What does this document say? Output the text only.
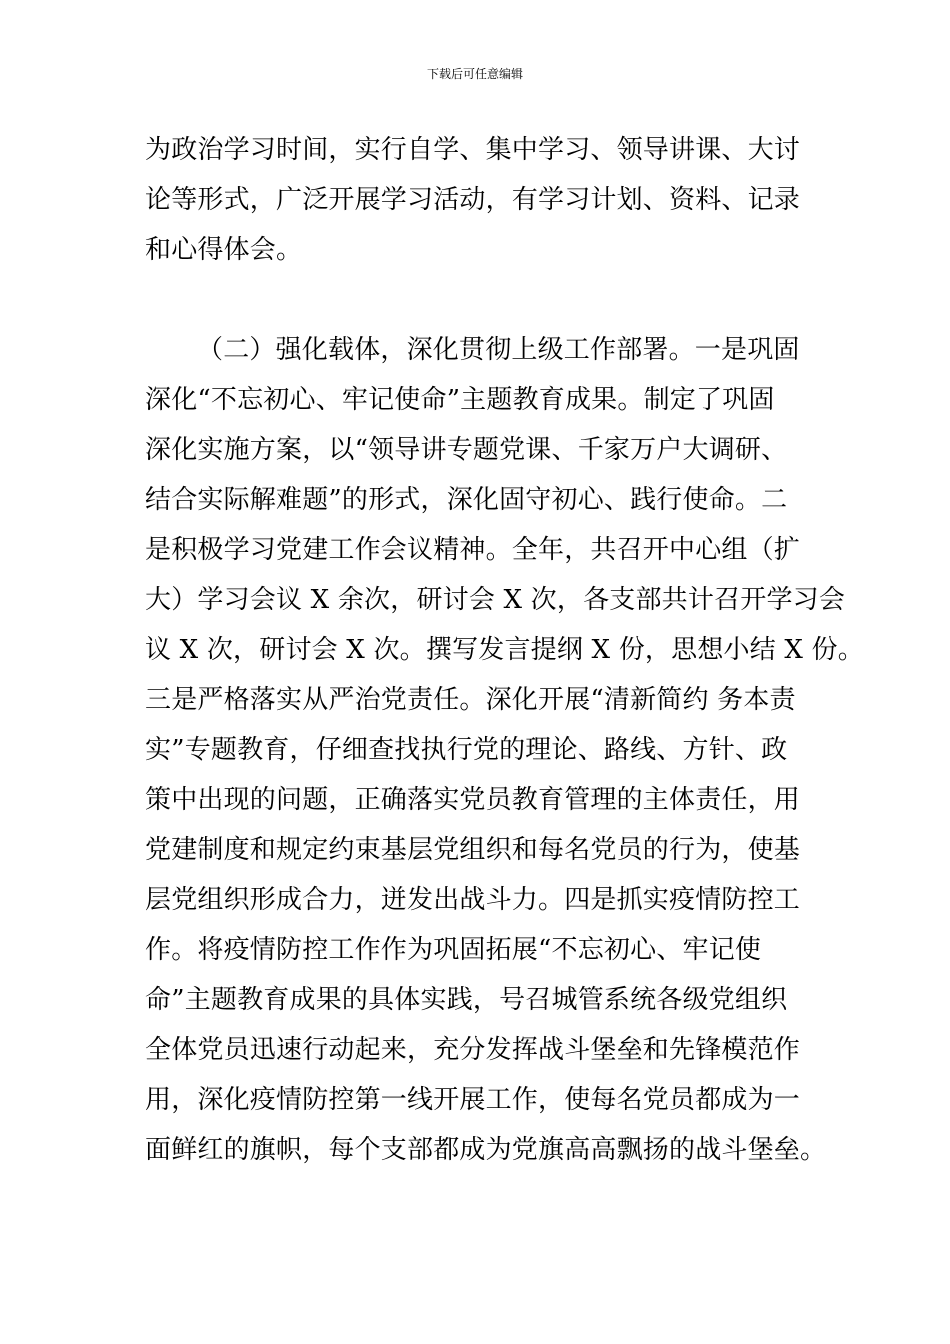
下载后可任意编辑
为政治学习时间，实行自学、集中学习、领导讲课、大讨
论等形式，广泛开展学习活动，有学习计划、资料、记录
和心得体会。
（二）强化载体，深化贯彻上级工作部署。一是巩固
深化“不忘初心、牢记使命”主题教育成果。制定了巩固
深化实施方案，以“领导讲专题党课、千家万户大调研、
结合实际解难题”的形式，深化固守初心、践行使命。二
是积极学习党建工作会议精神。全年，共召开中心组（扩
大）学习会议 X 余次，研讨会 X 次，各支部共计召开学习会
议 X 次，研讨会 X 次。撰写发言提纲 X 份，思想小结 X 份。
三是严格落实从严治党责任。深化开展“清新简约 务本责
实”专题教育，仔细查找执行党的理论、路线、方针、政
策中出现的问题，正确落实党员教育管理的主体责任，用
党建制度和规定约束基层党组织和每名党员的行为，使基
层党组织形成合力，迸发出战斗力。四是抓实疫情防控工
作。将疫情防控工作作为巩固拓展“不忘初心、牢记使
命”主题教育成果的具体实践，号召城管系统各级党组织
全体党员迅速行动起来，充分发挥战斗堡垒和先锋模范作
用，深化疫情防控第一线开展工作，使每名党员都成为一
面鲜红的旗帜，每个支部都成为党旗高高飘扬的战斗堡垒。
